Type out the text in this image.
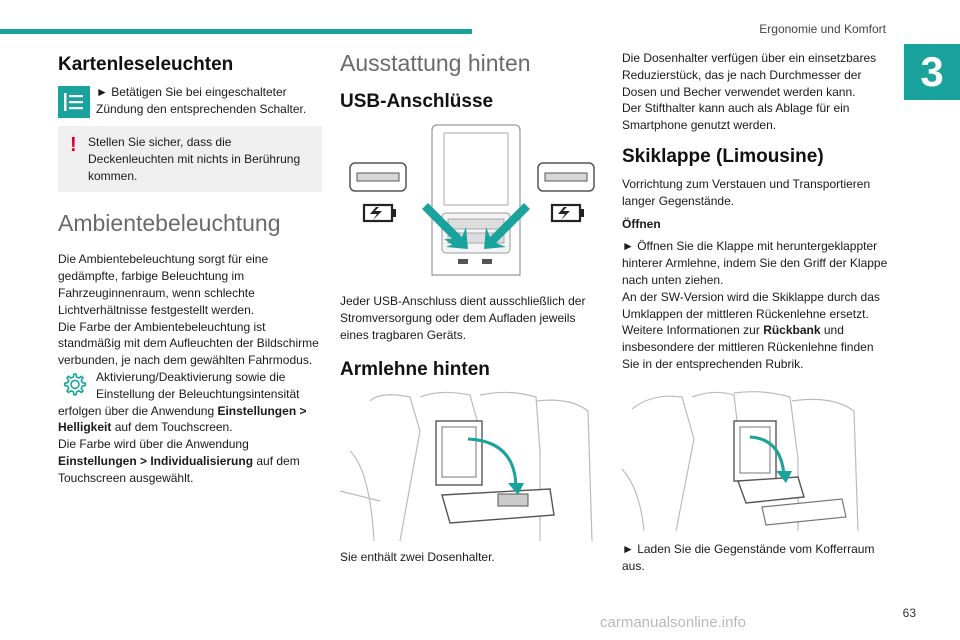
Ergonomie und Komfort
3
Kartenleseleuchten
► Betätigen Sie bei eingeschalteter Zündung den entsprechenden Schalter.
! Stellen Sie sicher, dass die Deckenleuchten mit nichts in Berührung kommen.
Ambientebeleuchtung

Die Ambientebeleuchtung sorgt für eine gedämpfte, farbige Beleuchtung im Fahrzeuginnenraum, wenn schlechte Lichtverhältnisse festgestellt werden.

Die Farbe der Ambientebeleuchtung ist standmäßig mit dem Aufleuchten der Bildschirme verbunden, je nach dem gewählten Fahrmodus.

Aktivierung/Deaktivierung sowie die Einstellung der Beleuchtungsintensität

erfolgen über die Anwendung Einstellungen > Helligkeit auf dem Touchscreen.

Die Farbe wird über die Anwendung Einstellungen > Individualisierung auf dem Touchscreen ausgewählt.

Ausstattung hinten
USB-Anschlüsse

Jeder USB-Anschluss dient ausschließlich der Stromversorgung oder dem Aufladen jeweils eines tragbaren Geräts.

Armlehne hinten

Sie enthält zwei Dosenhalter.

Die Dosenhalter verfügen über ein einsetzbares Reduzierstück, das je nach Durchmesser der Dosen und Becher verwendet werden kann.

Der Stifthalter kann auch als Ablage für ein Smartphone genutzt werden.

Skiklappe (Limousine)

Vorrichtung zum Verstauen und Transportieren langer Gegenstände.

Öffnen

► Öffnen Sie die Klappe mit heruntergeklappter hinterer Armlehne, indem Sie den Griff der Klappe nach unten ziehen.

An der SW-Version wird die Skiklappe durch das Umklappen der mittleren Rückenlehne ersetzt.

Weitere Informationen zur Rückbank und insbesondere der mittleren Rückenlehne finden Sie in der entsprechenden Rubrik.

► Laden Sie die Gegenstände vom Kofferraum aus.

63
carmanualsonline.info
